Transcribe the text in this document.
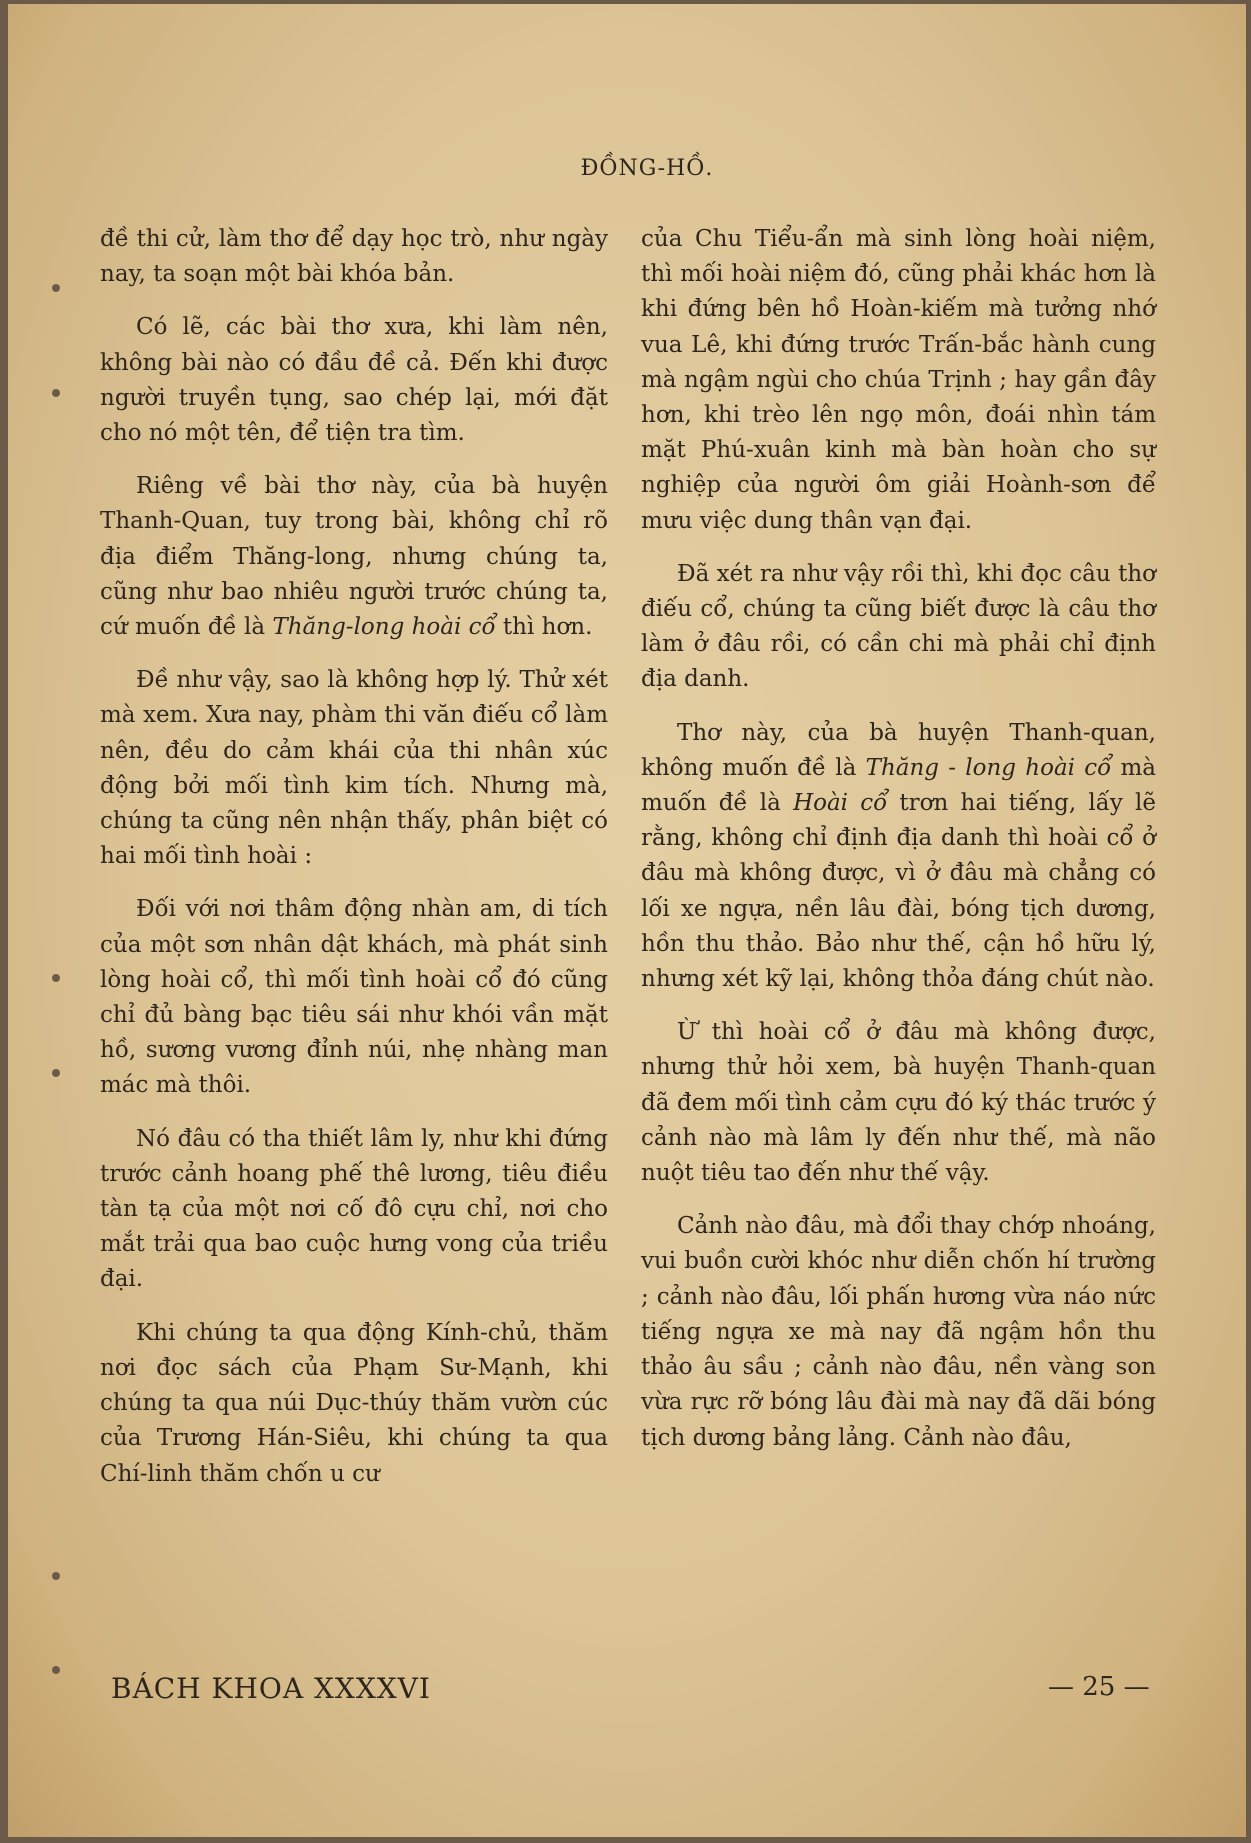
ĐỒNG-HỒ.

đề thi cử, làm thơ để dạy học trò, như ngày nay, ta soạn một bài khóa bản.

Có lẽ, các bài thơ xưa, khi làm nên, không bài nào có đầu đề cả. Đến khi được người truyền tụng, sao chép lại, mới đặt cho nó một tên, để tiện tra tìm.

Riêng về bài thơ này, của bà huyện Thanh-Quan, tuy trong bài, không chỉ rõ địa điểm Thăng-long, nhưng chúng ta, cũng như bao nhiêu người trước chúng ta, cứ muốn đề là Thăng-long hoài cổ thì hơn.

Đề như vậy, sao là không hợp lý. Thử xét mà xem. Xưa nay, phàm thi văn điếu cổ làm nên, đều do cảm khái của thi nhân xúc động bởi mối tình kim tích. Nhưng mà, chúng ta cũng nên nhận thấy, phân biệt có hai mối tình hoài :

Đối với nơi thâm động nhàn am, di tích của một sơn nhân dật khách, mà phát sinh lòng hoài cổ, thì mối tình hoài cổ đó cũng chỉ đủ bàng bạc tiêu sái như khói vần mặt hồ, sương vương đỉnh núi, nhẹ nhàng man mác mà thôi.

Nó đâu có tha thiết lâm ly, như khi đứng trước cảnh hoang phế thê lương, tiêu điều tàn tạ của một nơi cố đô cựu chỉ, nơi cho mắt trải qua bao cuộc hưng vong của triều đại.

Khi chúng ta qua động Kính-chủ, thăm nơi đọc sách của Phạm Sư-Mạnh, khi chúng ta qua núi Dục-thúy thăm vườn cúc của Trương Hán-Siêu, khi chúng ta qua Chí-linh thăm chốn u cư

của Chu Tiểu-ẩn mà sinh lòng hoài niệm, thì mối hoài niệm đó, cũng phải khác hơn là khi đứng bên hồ Hoàn-kiếm mà tưởng nhớ vua Lê, khi đứng trước Trấn-bắc hành cung mà ngậm ngùi cho chúa Trịnh ; hay gần đây hơn, khi trèo lên ngọ môn, đoái nhìn tám mặt Phú-xuân kinh mà bàn hoàn cho sự nghiệp của người ôm giải Hoành-sơn để mưu việc dung thân vạn đại.

Đã xét ra như vậy rồi thì, khi đọc câu thơ điếu cổ, chúng ta cũng biết được là câu thơ làm ở đâu rồi, có cần chi mà phải chỉ định địa danh.

Thơ này, của bà huyện Thanh-quan, không muốn đề là Thăng - long hoài cổ mà muốn đề là Hoài cổ trơn hai tiếng, lấy lẽ rằng, không chỉ định địa danh thì hoài cổ ở đâu mà không được, vì ở đâu mà chẳng có lối xe ngựa, nền lâu đài, bóng tịch dương, hồn thu thảo. Bảo như thế, cận hồ hữu lý, nhưng xét kỹ lại, không thỏa đáng chút nào.

Ừ thì hoài cổ ở đâu mà không được, nhưng thử hỏi xem, bà huyện Thanh-quan đã đem mối tình cảm cựu đó ký thác trước ý cảnh nào mà lâm ly đến như thế, mà não nuột tiêu tao đến như thế vậy.

Cảnh nào đâu, mà đổi thay chớp nhoáng, vui buồn cười khóc như diễn chốn hí trường ; cảnh nào đâu, lối phấn hương vừa náo nức tiếng ngựa xe mà nay đã ngậm hồn thu thảo âu sầu ; cảnh nào đâu, nền vàng son vừa rực rỡ bóng lâu đài mà nay đã dãi bóng tịch dương bảng lảng. Cảnh nào đâu,

BÁCH KHOA XXXXVI	— 25 —
